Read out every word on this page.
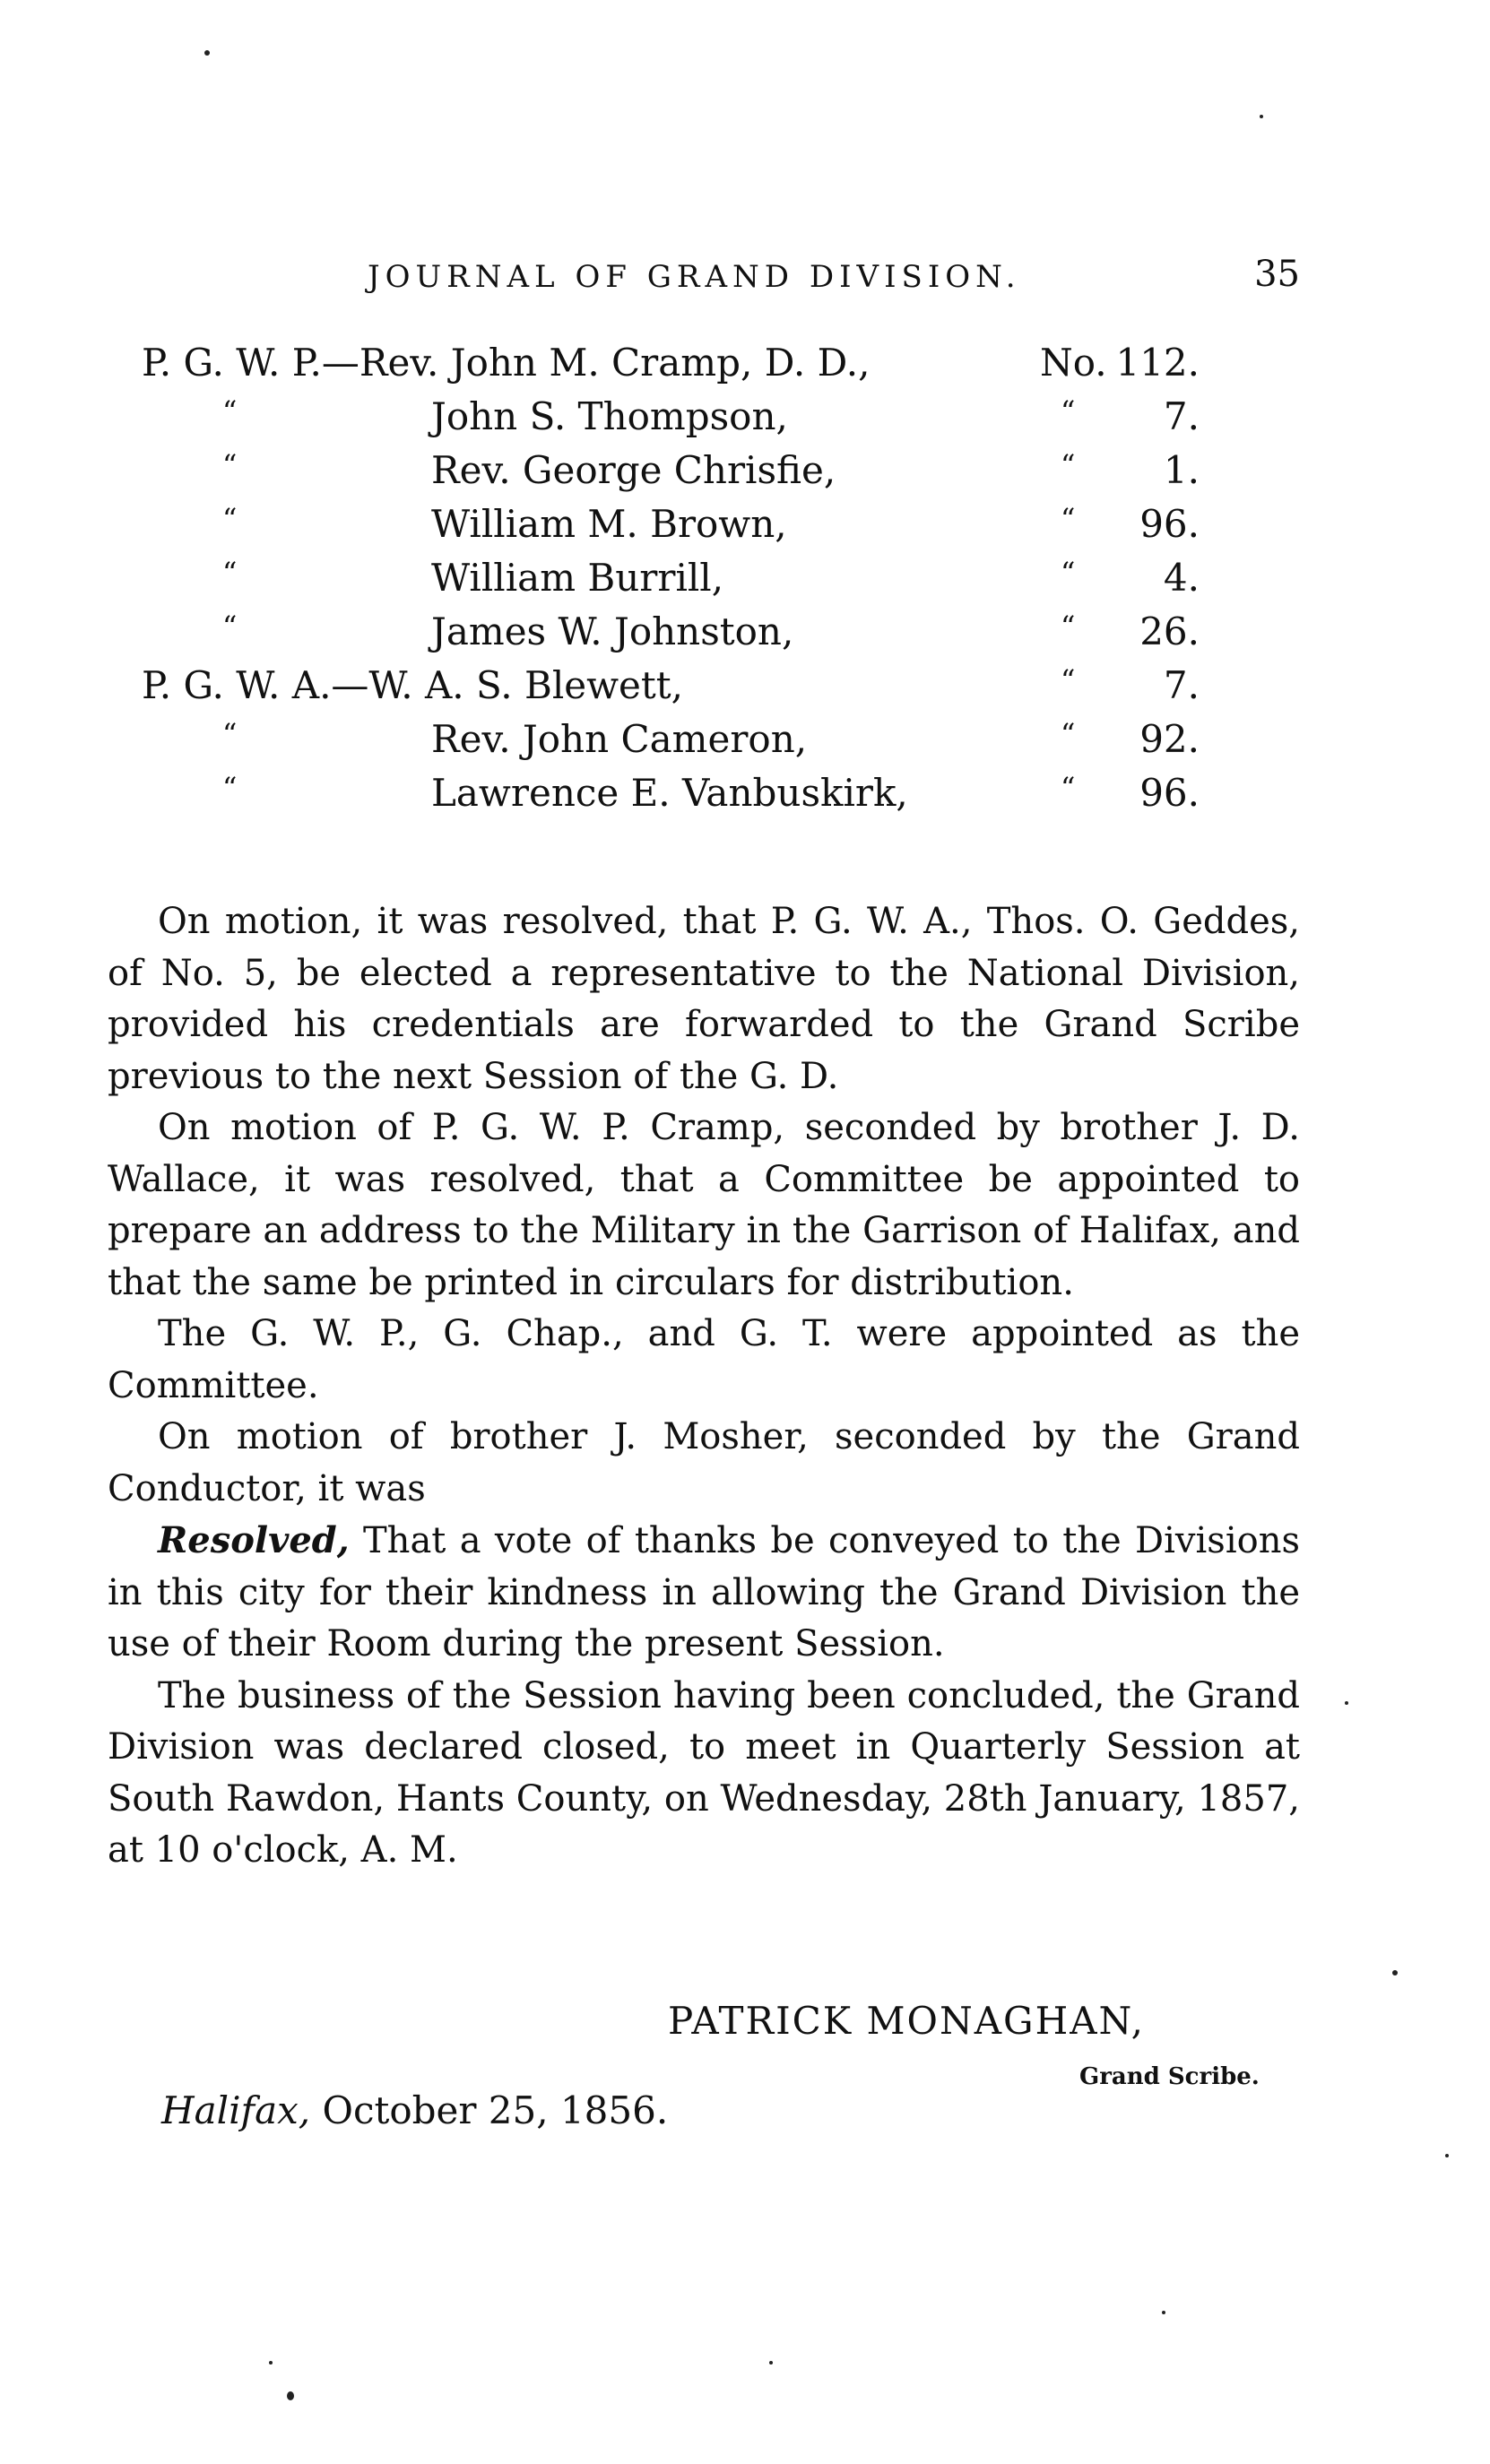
JOURNAL OF GRAND DIVISION.	35
P. G. W. P.—Rev. John M. Cramp, D. D.,	No. 112.
“	John S. Thompson,	“ 7.
“	Rev. George Chrisfie,	“ 1.
“	William M. Brown,	“ 96.
“	William Burrill,	“ 4.
“	James W. Johnston,	“ 26.
P. G. W. A.—W. A. S. Blewett,	“ 7.
“	Rev. John Cameron,	“ 92.
“	Lawrence E. Vanbuskirk,	“ 96.

On motion, it was resolved, that P. G. W. A., Thos. O. Geddes, of No. 5, be elected a representative to the National Division, provided his credentials are forwarded to the Grand Scribe previous to the next Session of the G. D.

On motion of P. G. W. P. Cramp, seconded by brother J. D. Wallace, it was resolved, that a Committee be appointed to prepare an address to the Military in the Garrison of Halifax, and that the same be printed in circulars for distribution.

The G. W. P., G. Chap., and G. T. were appointed as the Committee.

On motion of brother J. Mosher, seconded by the Grand Conductor, it was

Resolved, That a vote of thanks be conveyed to the Divisions in this city for their kindness in allowing the Grand Division the use of their Room during the present Session.

The business of the Session having been concluded, the Grand Division was declared closed, to meet in Quarterly Session at South Rawdon, Hants County, on Wednesday, 28th January, 1857, at 10 o'clock, A. M.

PATRICK MONAGHAN,
Grand Scribe.
Halifax, October 25, 1856.
